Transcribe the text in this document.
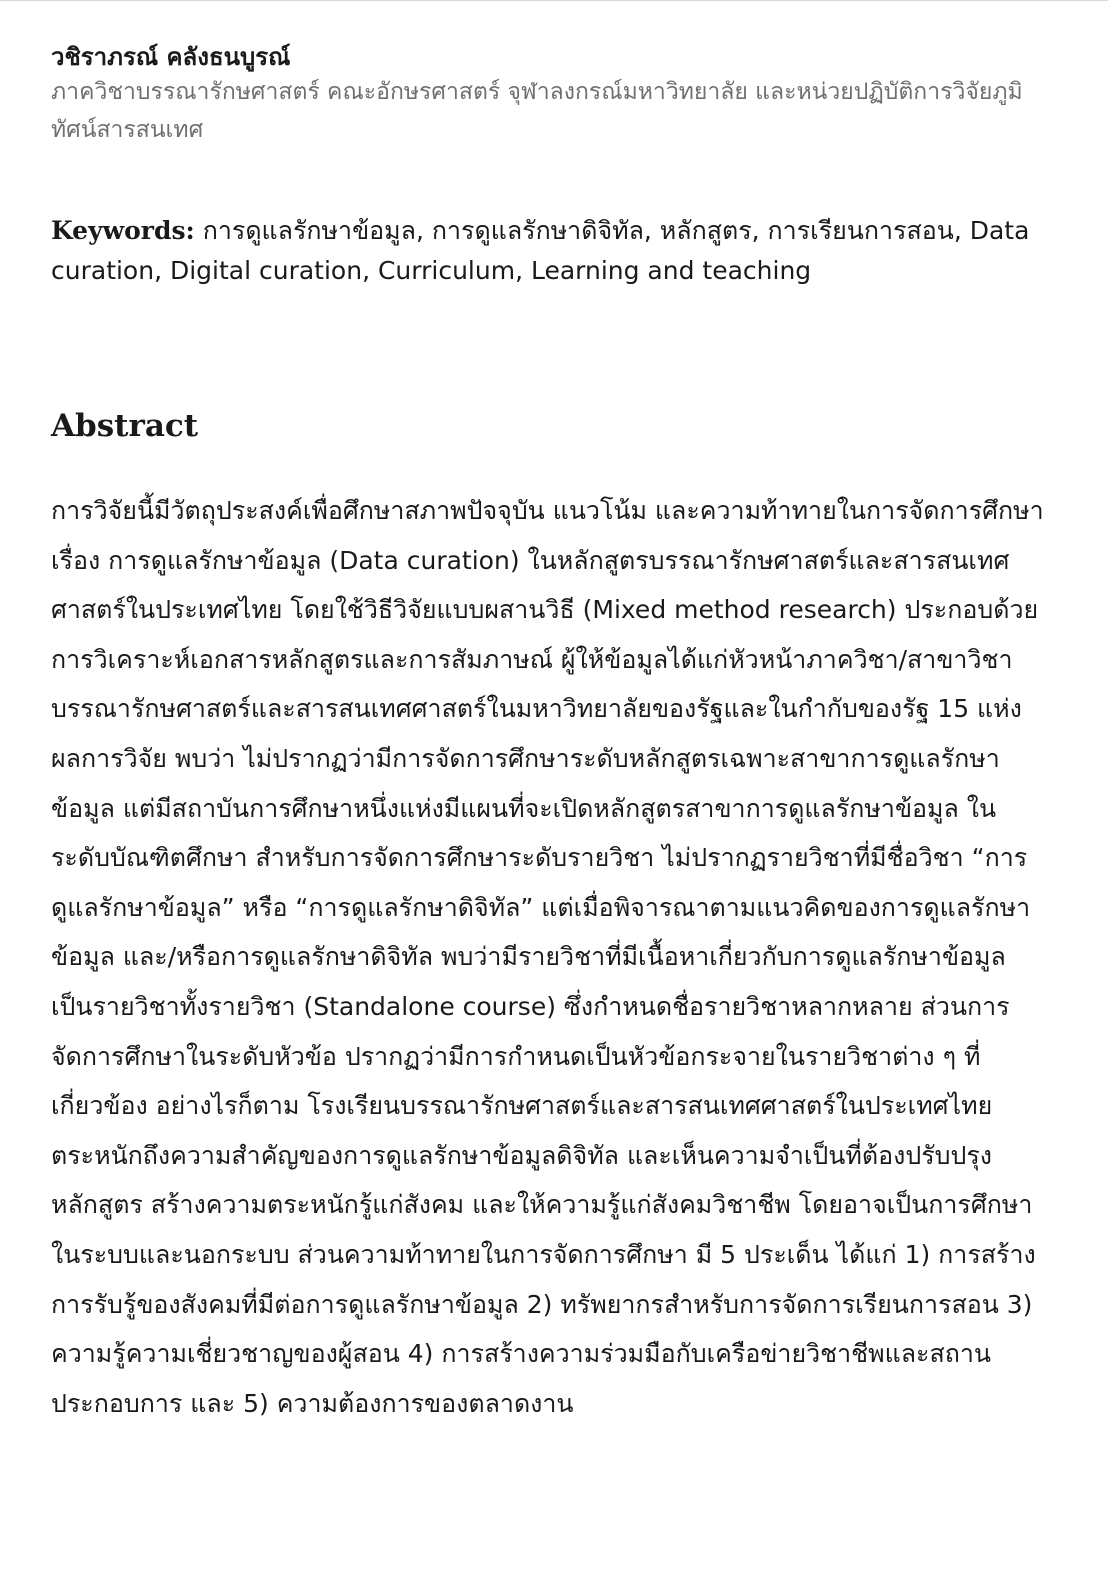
วชิราภรณ์ คลังธนบูรณ์

ภาควิชาบรรณารักษศาสตร์ คณะอักษรศาสตร์ จุฬาลงกรณ์มหาวิทยาลัย และหน่วยปฏิบัติการวิจัยภูมิทัศน์สารสนเทศ

Keywords: การดูแลรักษาข้อมูล, การดูแลรักษาดิจิทัล, หลักสูตร, การเรียนการสอน, Data curation, Digital curation, Curriculum, Learning and teaching
Abstract

การวิจัยนี้มีวัตถุประสงค์เพื่อศึกษาสภาพปัจจุบัน แนวโน้ม และความท้าทายในการจัดการศึกษา เรื่อง การดูแลรักษาข้อมูล (Data curation) ในหลักสูตรบรรณารักษศาสตร์และสารสนเทศศาสตร์ในประเทศไทย โดยใช้วิธีวิจัยแบบผสานวิธี (Mixed method research) ประกอบด้วยการวิเคราะห์เอกสารหลักสูตรและการสัมภาษณ์ ผู้ให้ข้อมูลได้แก่หัวหน้าภาควิชา/สาขาวิชาบรรณารักษศาสตร์และสารสนเทศศาสตร์ในมหาวิทยาลัยของรัฐและในกำกับของรัฐ 15 แห่ง ผลการวิจัย พบว่า ไม่ปรากฏว่ามีการจัดการศึกษาระดับหลักสูตรเฉพาะสาขาการดูแลรักษาข้อมูล แต่มีสถาบันการศึกษาหนึ่งแห่งมีแผนที่จะเปิดหลักสูตรสาขาการดูแลรักษาข้อมูล ในระดับบัณฑิตศึกษา สำหรับการจัดการศึกษาระดับรายวิชา ไม่ปรากฏรายวิชาที่มีชื่อวิชา “การดูแลรักษาข้อมูล” หรือ “การดูแลรักษาดิจิทัล” แต่เมื่อพิจารณาตามแนวคิดของการดูแลรักษาข้อมูล และ/หรือการดูแลรักษาดิจิทัล พบว่ามีรายวิชาที่มีเนื้อหาเกี่ยวกับการดูแลรักษาข้อมูลเป็นรายวิชาทั้งรายวิชา (Standalone course) ซึ่งกำหนดชื่อรายวิชาหลากหลาย ส่วนการจัดการศึกษาในระดับหัวข้อ ปรากฏว่ามีการกำหนดเป็นหัวข้อกระจายในรายวิชาต่าง ๆ ที่เกี่ยวข้อง อย่างไรก็ตาม โรงเรียนบรรณารักษศาสตร์และสารสนเทศศาสตร์ในประเทศไทยตระหนักถึงความสำคัญของการดูแลรักษาข้อมูลดิจิทัล และเห็นความจำเป็นที่ต้องปรับปรุงหลักสูตร สร้างความตระหนักรู้แก่สังคม และให้ความรู้แก่สังคมวิชาชีพ โดยอาจเป็นการศึกษาในระบบและนอกระบบ ส่วนความท้าทายในการจัดการศึกษา มี 5 ประเด็น ได้แก่ 1) การสร้างการรับรู้ของสังคมที่มีต่อการดูแลรักษาข้อมูล 2) ทรัพยากรสำหรับการจัดการเรียนการสอน 3) ความรู้ความเชี่ยวชาญของผู้สอน 4) การสร้างความร่วมมือกับเครือข่ายวิชาชีพและสถานประกอบการ และ 5) ความต้องการของตลาดงาน
